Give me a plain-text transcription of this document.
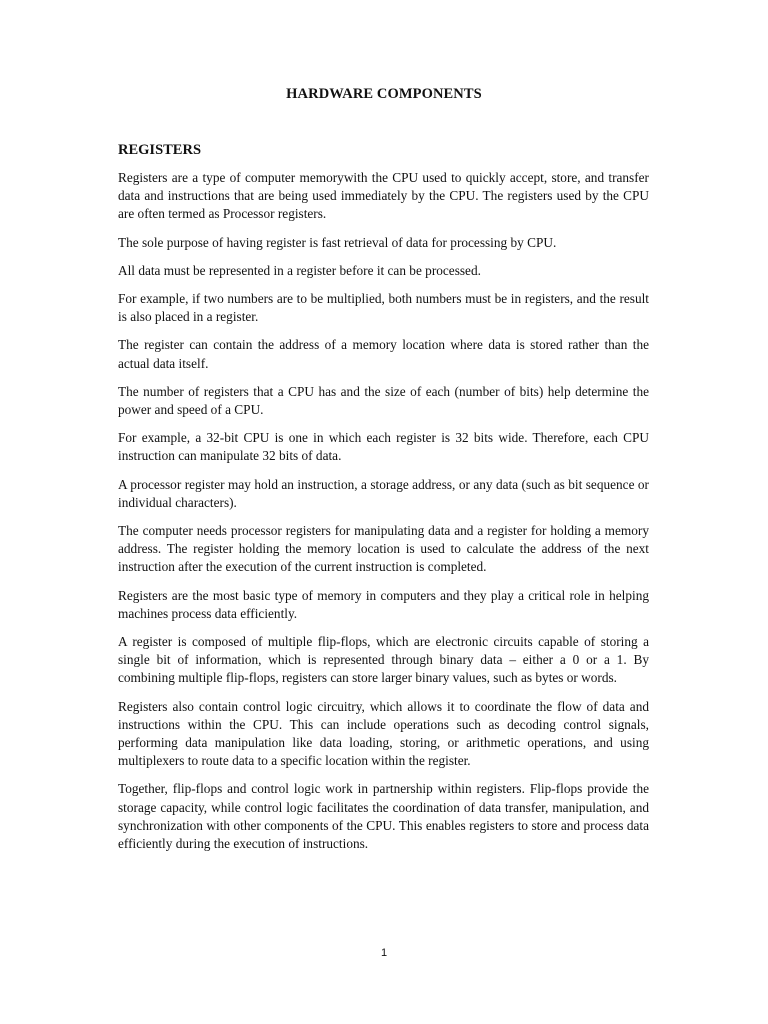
HARDWARE COMPONENTS
REGISTERS

Registers are a type of computer memorywith the CPU used to quickly accept, store, and transfer data and instructions that are being used immediately by the CPU. The registers used by the CPU are often termed as Processor registers.

The sole purpose of having register is fast retrieval of data for processing by CPU.

All data must be represented in a register before it can be processed.

For example, if two numbers are to be multiplied, both numbers must be in registers, and the result is also placed in a register.

The register can contain the address of a memory location where data is stored rather than the actual data itself.

The number of registers that a CPU has and the size of each (number of bits) help determine the power and speed of a CPU.

For example, a 32-bit CPU is one in which each register is 32 bits wide. Therefore, each CPU instruction can manipulate 32 bits of data.

A processor register may hold an instruction, a storage address, or any data (such as bit sequence or individual characters).

The computer needs processor registers for manipulating data and a register for holding a memory address. The register holding the memory location is used to calculate the address of the next instruction after the execution of the current instruction is completed.

Registers are the most basic type of memory in computers and they play a critical role in helping machines process data efficiently.

A register is composed of multiple flip-flops, which are electronic circuits capable of storing a single bit of information, which is represented through binary data – either a 0 or a 1. By combining multiple flip-flops, registers can store larger binary values, such as bytes or words.

Registers also contain control logic circuitry, which allows it to coordinate the flow of data and instructions within the CPU. This can include operations such as decoding control signals, performing data manipulation like data loading, storing, or arithmetic operations, and using multiplexers to route data to a specific location within the register.

Together, flip-flops and control logic work in partnership within registers. Flip-flops provide the storage capacity, while control logic facilitates the coordination of data transfer, manipulation, and synchronization with other components of the CPU. This enables registers to store and process data efficiently during the execution of instructions.

1
